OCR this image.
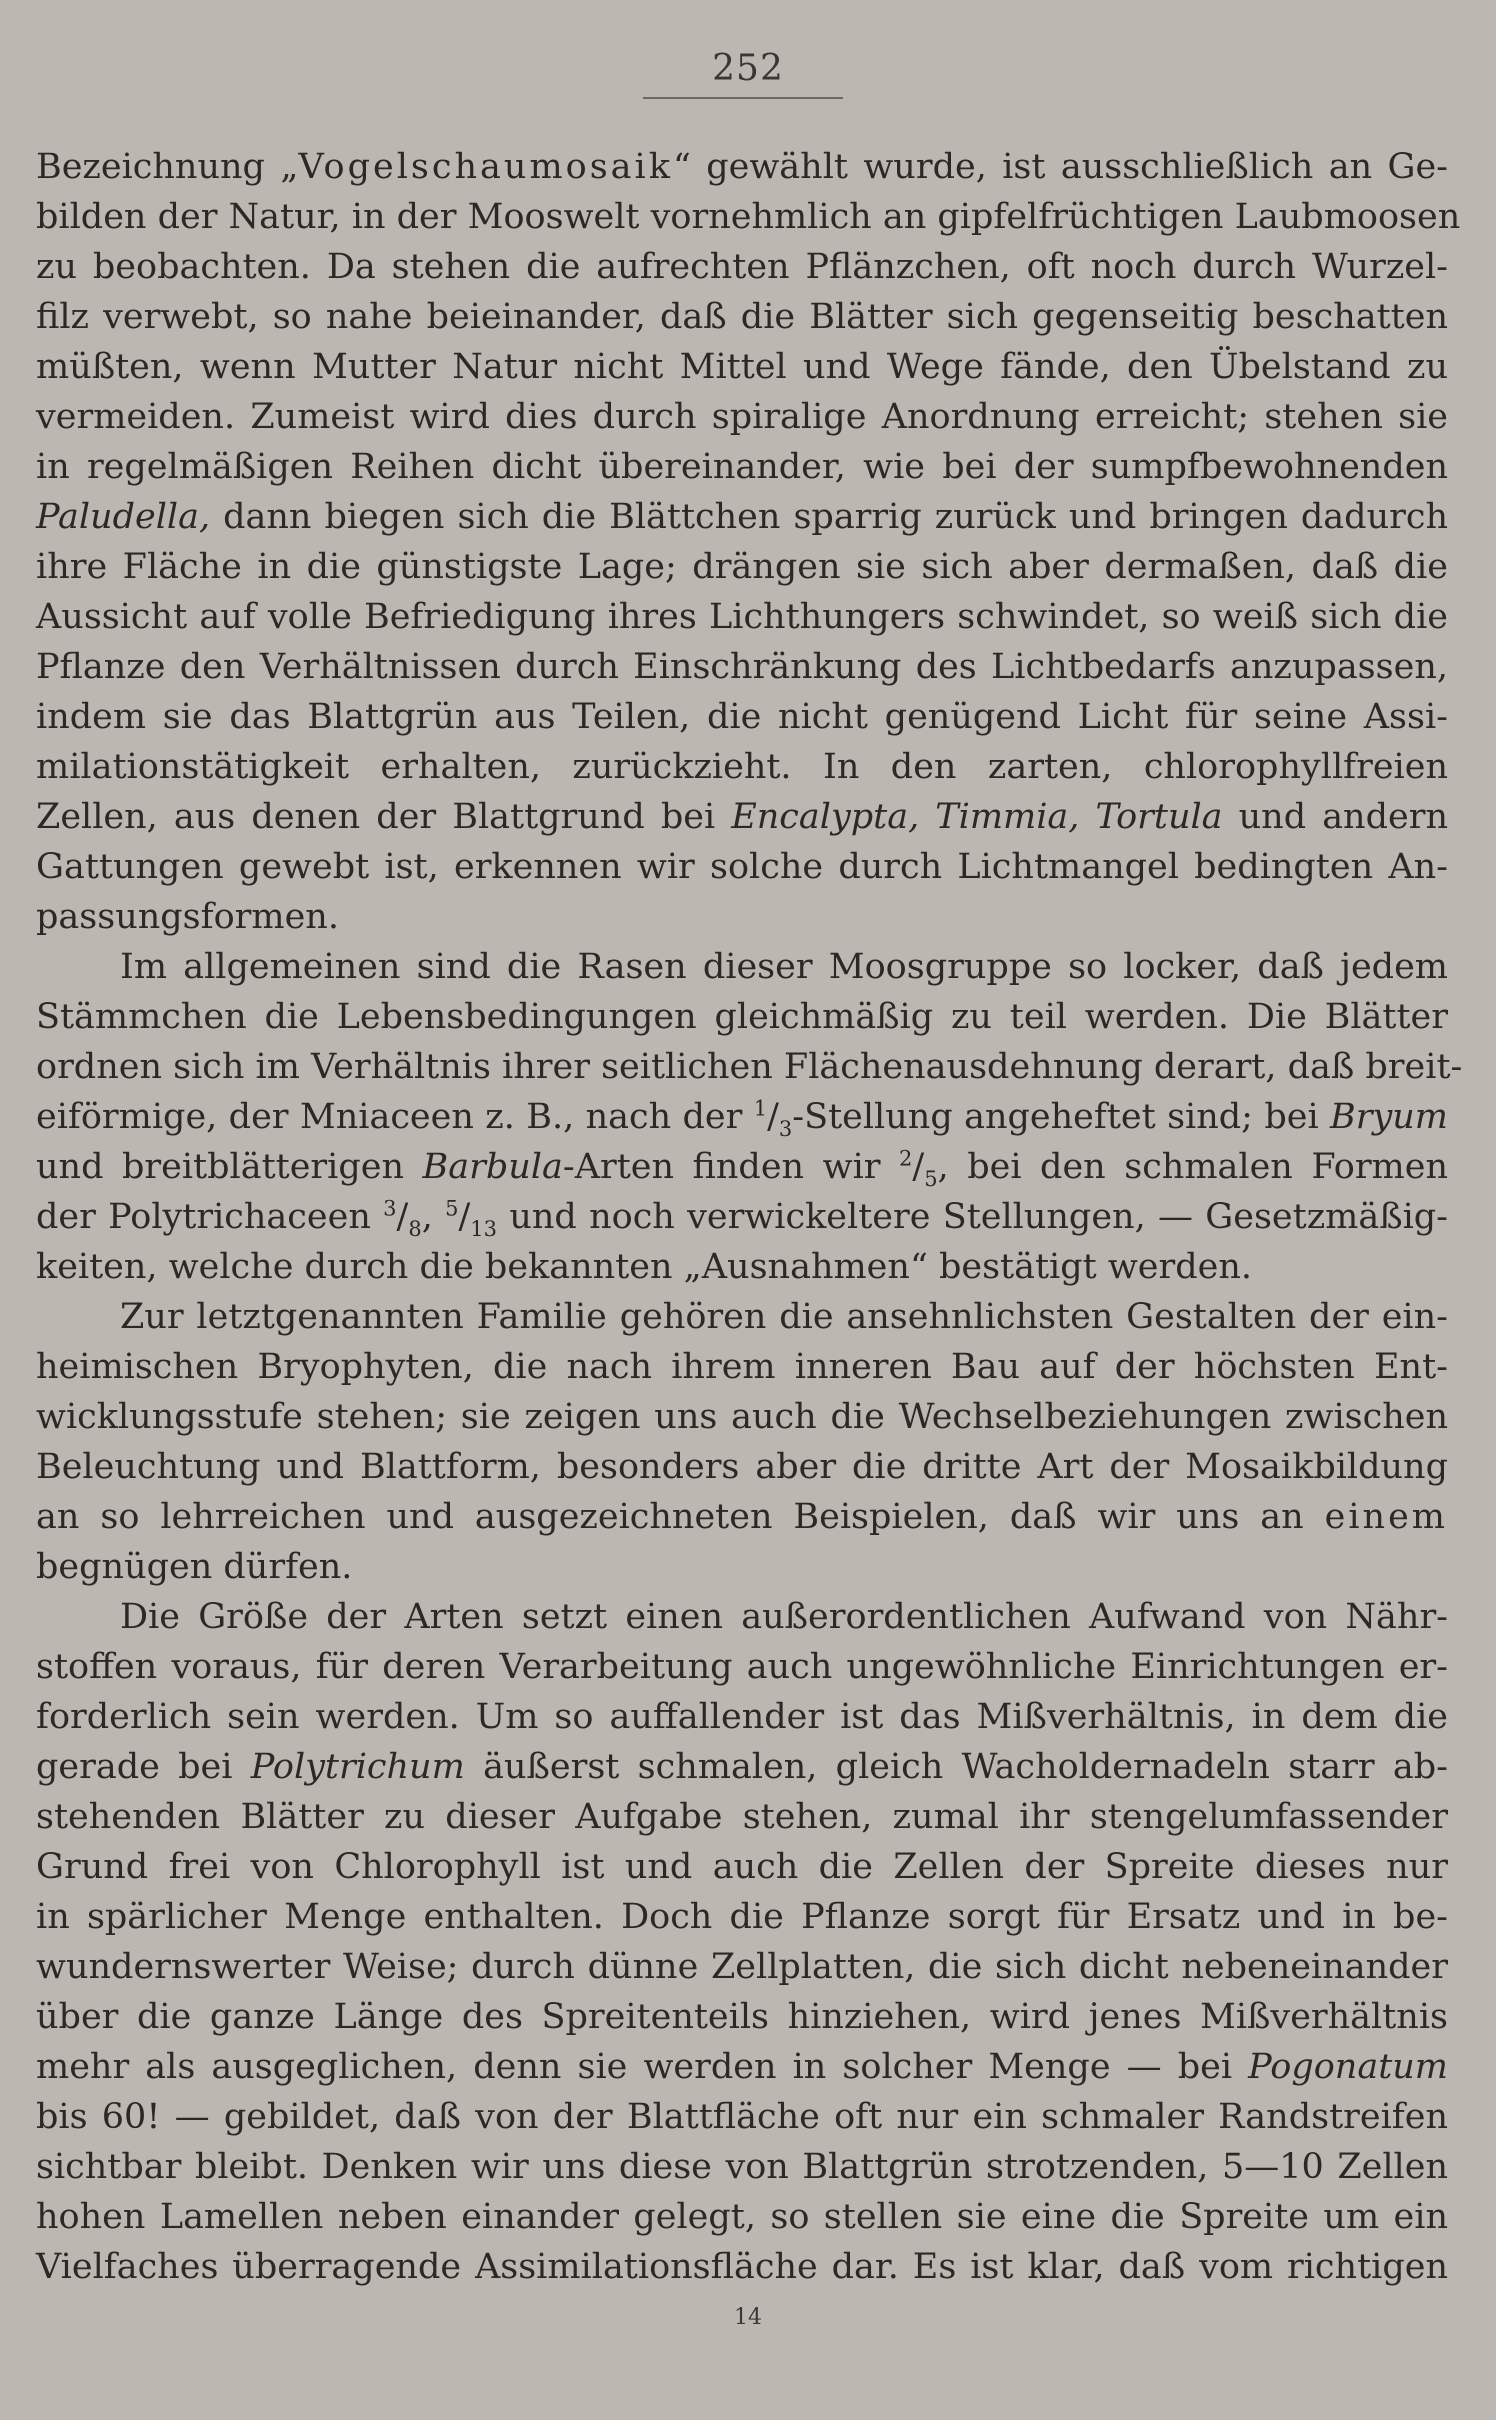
252
Bezeichnung „Vogelschaumosaik“ gewählt wurde, ist ausschließlich an Ge-
bilden der Natur, in der Mooswelt vornehmlich an gipfelfrüchtigen Laubmoosen
zu beobachten. Da stehen die aufrechten Pflänzchen, oft noch durch Wurzel-
filz verwebt, so nahe beieinander, daß die Blätter sich gegenseitig beschatten
müßten, wenn Mutter Natur nicht Mittel und Wege fände, den Übelstand zu
vermeiden. Zumeist wird dies durch spiralige Anordnung erreicht; stehen sie
in regelmäßigen Reihen dicht übereinander, wie bei der sumpfbewohnenden
Paludella, dann biegen sich die Blättchen sparrig zurück und bringen dadurch
ihre Fläche in die günstigste Lage; drängen sie sich aber dermaßen, daß die
Aussicht auf volle Befriedigung ihres Lichthungers schwindet, so weiß sich die
Pflanze den Verhältnissen durch Einschränkung des Lichtbedarfs anzupassen,
indem sie das Blattgrün aus Teilen, die nicht genügend Licht für seine Assi-
milationstätigkeit erhalten, zurückzieht. In den zarten, chlorophyllfreien
Zellen, aus denen der Blattgrund bei Encalypta, Timmia, Tortula und andern
Gattungen gewebt ist, erkennen wir solche durch Lichtmangel bedingten An-
passungsformen.
Im allgemeinen sind die Rasen dieser Moosgruppe so locker, daß jedem
Stämmchen die Lebensbedingungen gleichmäßig zu teil werden. Die Blätter
ordnen sich im Verhältnis ihrer seitlichen Flächenausdehnung derart, daß breit-
eiförmige, der Mniaceen z. B., nach der $^1/_3$-Stellung angeheftet sind; bei Bryum
und breitblätterigen Barbula-Arten finden wir $^2/_5$, bei den schmalen Formen
der Polytrichaceen $^3/_8$, $^5/_{13}$ und noch verwickeltere Stellungen, — Gesetzmäßig-
keiten, welche durch die bekannten „Ausnahmen“ bestätigt werden.
Zur letztgenannten Familie gehören die ansehnlichsten Gestalten der ein-
heimischen Bryophyten, die nach ihrem inneren Bau auf der höchsten Ent-
wicklungsstufe stehen; sie zeigen uns auch die Wechselbeziehungen zwischen
Beleuchtung und Blattform, besonders aber die dritte Art der Mosaikbildung
an so lehrreichen und ausgezeichneten Beispielen, daß wir uns an einem
begnügen dürfen.
Die Größe der Arten setzt einen außerordentlichen Aufwand von Nähr-
stoffen voraus, für deren Verarbeitung auch ungewöhnliche Einrichtungen er-
forderlich sein werden. Um so auffallender ist das Mißverhältnis, in dem die
gerade bei Polytrichum äußerst schmalen, gleich Wacholdernadeln starr ab-
stehenden Blätter zu dieser Aufgabe stehen, zumal ihr stengelumfassender
Grund frei von Chlorophyll ist und auch die Zellen der Spreite dieses nur
in spärlicher Menge enthalten. Doch die Pflanze sorgt für Ersatz und in be-
wundernswerter Weise; durch dünne Zellplatten, die sich dicht nebeneinander
über die ganze Länge des Spreitenteils hinziehen, wird jenes Mißverhältnis
mehr als ausgeglichen, denn sie werden in solcher Menge — bei Pogonatum
bis 60! — gebildet, daß von der Blattfläche oft nur ein schmaler Randstreifen
sichtbar bleibt. Denken wir uns diese von Blattgrün strotzenden, 5—10 Zellen
hohen Lamellen neben einander gelegt, so stellen sie eine die Spreite um ein
Vielfaches überragende Assimilationsfläche dar. Es ist klar, daß vom richtigen
14
